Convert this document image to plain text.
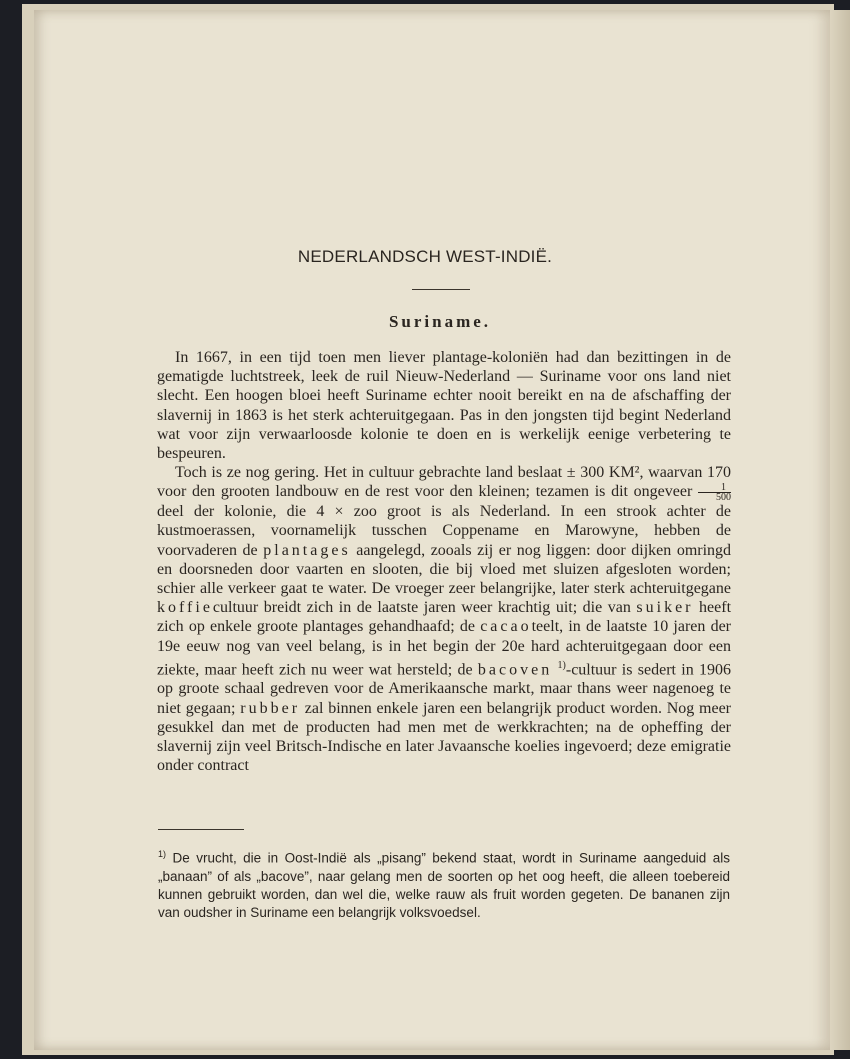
NEDERLANDSCH WEST-INDIË.
Suriname.

In 1667, in een tijd toen men liever plantage-koloniën had dan bezittingen in de gematigde luchtstreek, leek de ruil Nieuw-Nederland — Suriname voor ons land niet slecht. Een hoogen bloei heeft Suriname echter nooit bereikt en na de afschaffing der slavernij in 1863 is het sterk achteruitgegaan. Pas in den jongsten tijd begint Nederland wat voor zijn verwaarloosde kolonie te doen en is werkelijk eenige verbetering te bespeuren.

Toch is ze nog gering. Het in cultuur gebrachte land beslaat ± 300 KM², waarvan 170 voor den grooten landbouw en de rest voor den kleinen; tezamen is dit ongeveer $\frac{1}{500}$
deel der kolonie, die 4 × zoo groot is als Nederland. In een strook achter de kustmoerassen, voornamelijk tusschen Coppename en Marowyne, hebben de voorvaderen de plantages aangelegd, zooals zij er nog liggen: door dijken omringd en doorsneden door vaarten en slooten, die bij vloed met sluizen afgesloten worden; schier alle verkeer gaat te water. De vroeger zeer belangrijke, later sterk achteruitgegane koffiecultuur breidt zich in de laatste jaren weer krachtig uit; die van suiker heeft zich op enkele groote plantages gehandhaafd; de cacaoteelt, in de laatste 10 jaren der 19e eeuw nog van veel belang, is in het begin der 20e hard achteruitgegaan door een ziekte, maar heeft zich nu weer wat hersteld; de bacoven $^{1)}$-cultuur is sedert in 1906 op groote schaal gedreven voor de Amerikaansche markt, maar thans weer nagenoeg te niet gegaan; rubber zal binnen enkele jaren een belangrijk product worden. Nog meer gesukkel dan met de producten had men met de werkkrachten; na de opheffing der slavernij zijn veel Britsch-Indische en later Javaansche koelies ingevoerd; deze emigratie onder contract

$^{1)}$ De vrucht, die in Oost-Indië als „pisang” bekend staat, wordt in Suriname aangeduid als „banaan” of als „bacove”, naar gelang men de soorten op het oog heeft, die alleen toebereid kunnen gebruikt worden, dan wel die, welke rauw als fruit worden gegeten. De bananen zijn van oudsher in Suriname een belangrijk volksvoedsel.
